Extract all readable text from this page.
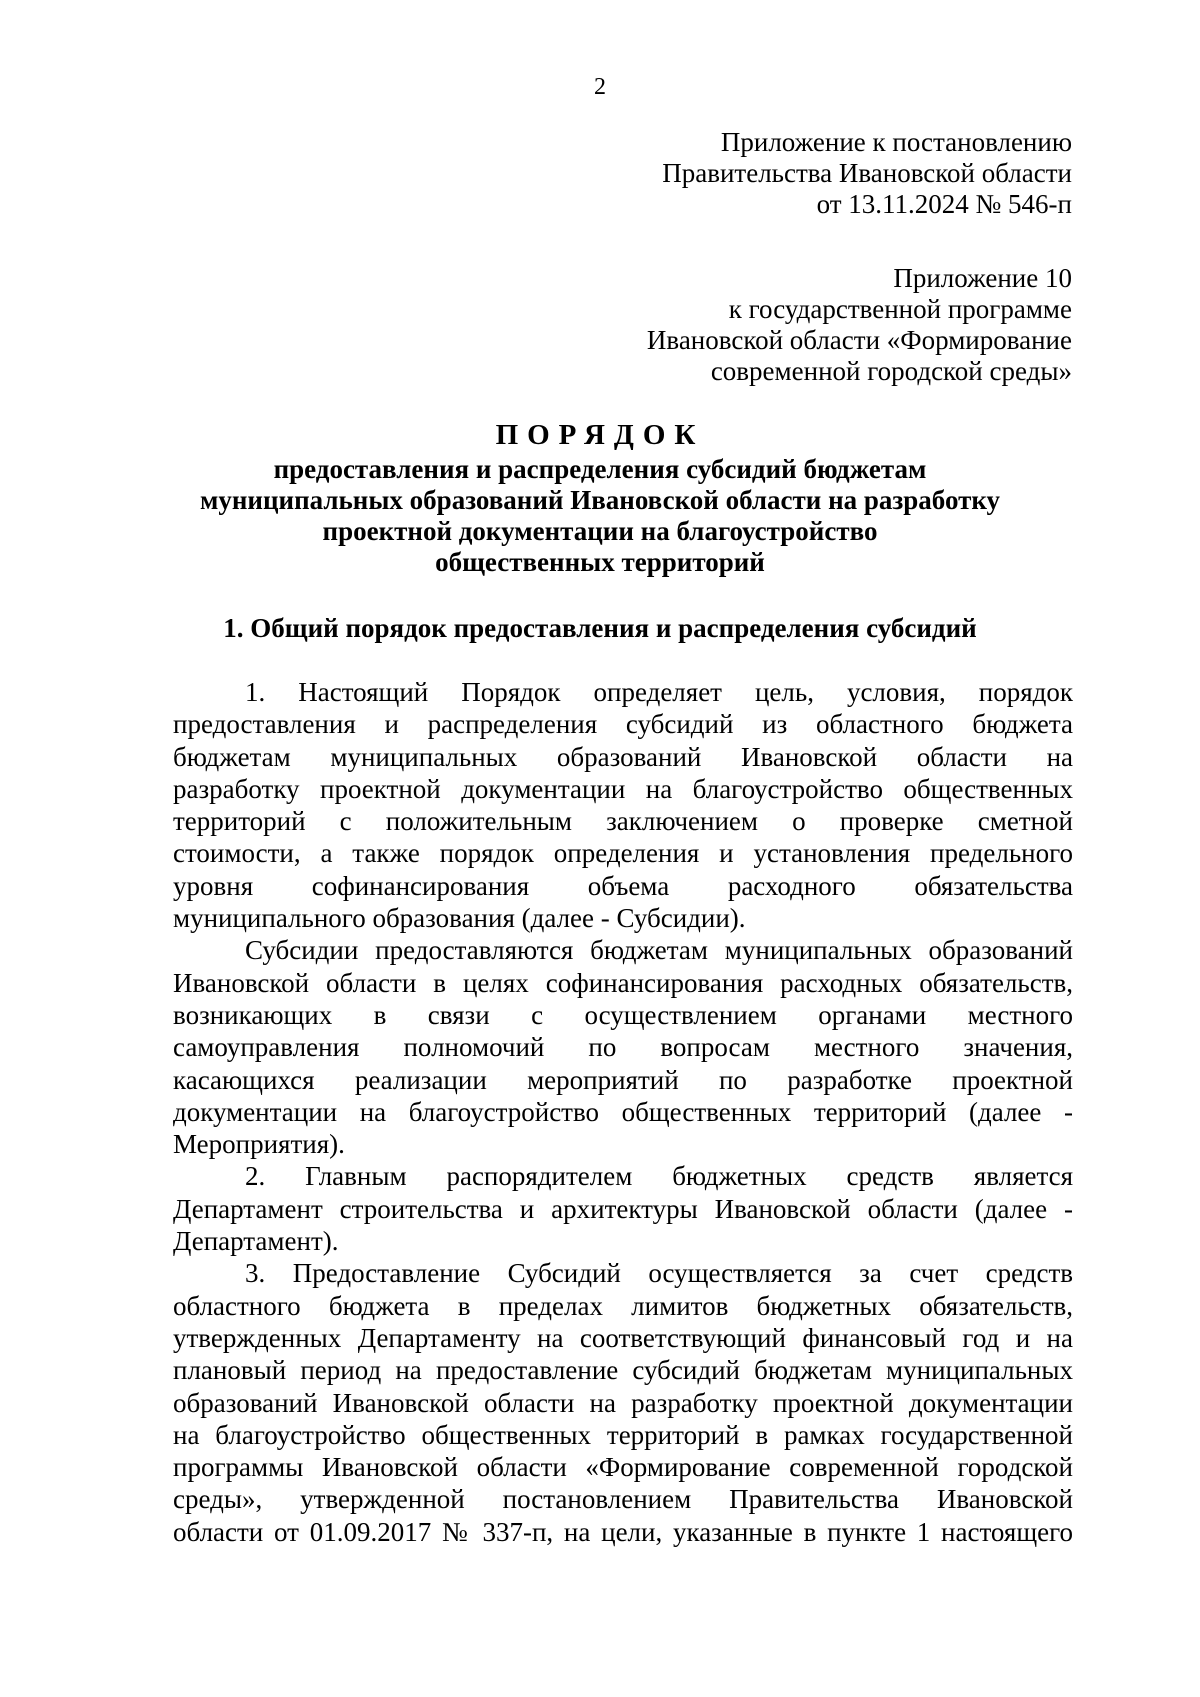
2
Приложение к постановлению
Правительства Ивановской области
от 13.11.2024 № 546-п
Приложение 10
к государственной программе
Ивановской области «Формирование
современной городской среды»
ПОРЯДОК
предоставления и распределения субсидий бюджетам
муниципальных образований Ивановской области на разработку
проектной документации на благоустройство
общественных территорий
1. Общий порядок предоставления и распределения субсидий
1. Настоящий Порядок определяет цель, условия, порядок
предоставления и распределения субсидий из областного бюджета
бюджетам муниципальных образований Ивановской области на
разработку проектной документации на благоустройство общественных
территорий с положительным заключением о проверке сметной
стоимости, а также порядок определения и установления предельного
уровня софинансирования объема расходного обязательства
муниципального образования (далее - Субсидии).
Субсидии предоставляются бюджетам муниципальных образований
Ивановской области в целях софинансирования расходных обязательств,
возникающих в связи с осуществлением органами местного
самоуправления полномочий по вопросам местного значения,
касающихся реализации мероприятий по разработке проектной
документации на благоустройство общественных территорий (далее -
Мероприятия).
2. Главным распорядителем бюджетных средств является
Департамент строительства и архитектуры Ивановской области (далее -
Департамент).
3. Предоставление Субсидий осуществляется за счет средств
областного бюджета в пределах лимитов бюджетных обязательств,
утвержденных Департаменту на соответствующий финансовый год и на
плановый период на предоставление субсидий бюджетам муниципальных
образований Ивановской области на разработку проектной документации
на благоустройство общественных территорий в рамках государственной
программы Ивановской области «Формирование современной городской
среды», утвержденной постановлением Правительства Ивановской
области от 01.09.2017 № 337-п, на цели, указанные в пункте 1 настоящего
